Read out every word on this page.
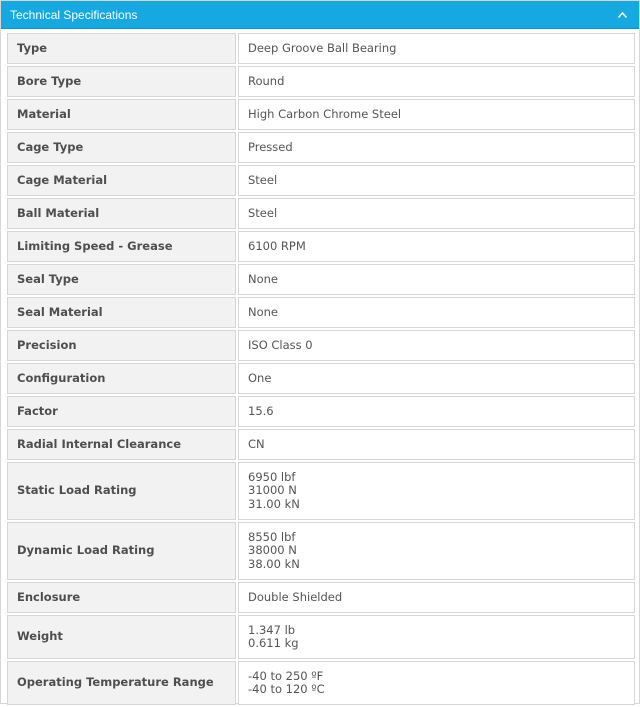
Technical Specifications
Type	Deep Groove Ball Bearing

Bore Type	Round

Material	High Carbon Chrome Steel

Cage Type	Pressed

Cage Material	Steel

Ball Material	Steel

Limiting Speed - Grease	6100 RPM

Seal Type	None

Seal Material	None

Precision	ISO Class 0

Configuration	One

Factor	15.6

Radial Internal Clearance	CN

Static Load Rating	6950 lbf
31000 N
31.00 kN

Dynamic Load Rating	8550 lbf
38000 N
38.00 kN

Enclosure	Double Shielded

Weight	1.347 lb
0.611 kg

Operating Temperature Range	-40 to 250 ºF
-40 to 120 ºC
